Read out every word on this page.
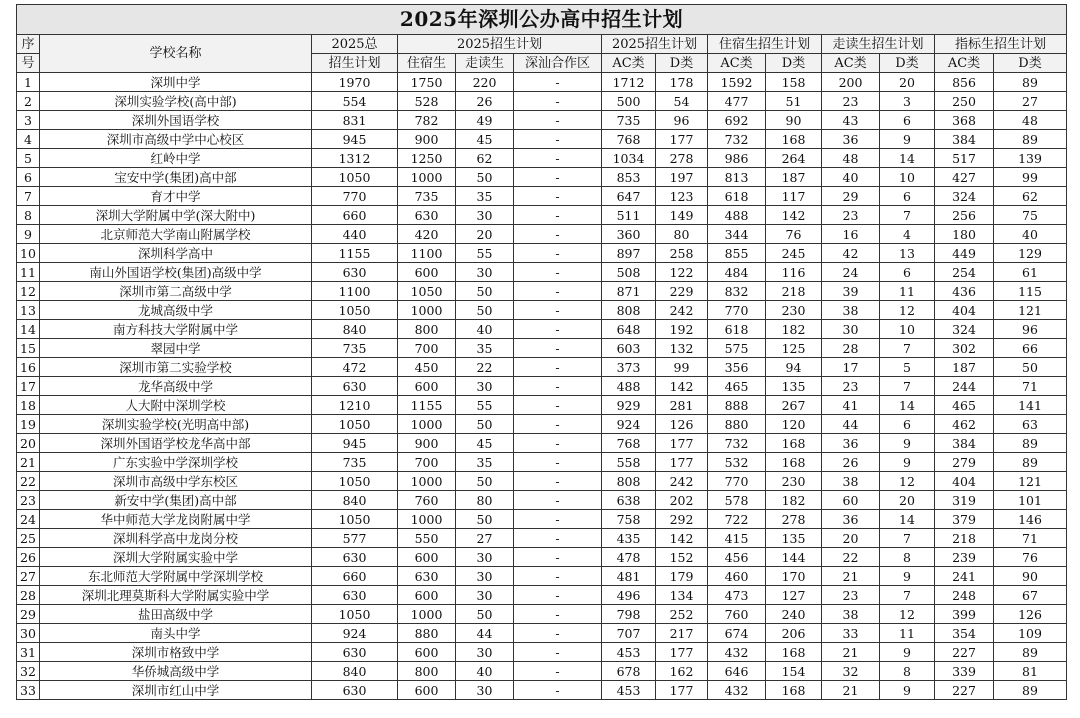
2025年深圳公办高中招生计划													
序	学校名称	2025总	2025招生计划			2025招生计划		住宿生招生计划		走读生招生计划		指标生招生计划	
号		招生计划	住宿生	走读生	深汕合作区	AC类	D类	AC类	D类	AC类	D类	AC类	D类
1	深圳中学	1970	1750	220	-	1712	178	1592	158	200	20	856	89
2	深圳实验学校(高中部)	554	528	26	-	500	54	477	51	23	3	250	27
3	深圳外国语学校	831	782	49	-	735	96	692	90	43	6	368	48
4	深圳市高级中学中心校区	945	900	45	-	768	177	732	168	36	9	384	89
5	红岭中学	1312	1250	62	-	1034	278	986	264	48	14	517	139
6	宝安中学(集团)高中部	1050	1000	50	-	853	197	813	187	40	10	427	99
7	育才中学	770	735	35	-	647	123	618	117	29	6	324	62
8	深圳大学附属中学(深大附中)	660	630	30	-	511	149	488	142	23	7	256	75
9	北京师范大学南山附属学校	440	420	20	-	360	80	344	76	16	4	180	40
10	深圳科学高中	1155	1100	55	-	897	258	855	245	42	13	449	129
11	南山外国语学校(集团)高级中学	630	600	30	-	508	122	484	116	24	6	254	61
12	深圳市第二高级中学	1100	1050	50	-	871	229	832	218	39	11	436	115
13	龙城高级中学	1050	1000	50	-	808	242	770	230	38	12	404	121
14	南方科技大学附属中学	840	800	40	-	648	192	618	182	30	10	324	96
15	翠园中学	735	700	35	-	603	132	575	125	28	7	302	66
16	深圳市第二实验学校	472	450	22	-	373	99	356	94	17	5	187	50
17	龙华高级中学	630	600	30	-	488	142	465	135	23	7	244	71
18	人大附中深圳学校	1210	1155	55	-	929	281	888	267	41	14	465	141
19	深圳实验学校(光明高中部)	1050	1000	50	-	924	126	880	120	44	6	462	63
20	深圳外国语学校龙华高中部	945	900	45	-	768	177	732	168	36	9	384	89
21	广东实验中学深圳学校	735	700	35	-	558	177	532	168	26	9	279	89
22	深圳市高级中学东校区	1050	1000	50	-	808	242	770	230	38	12	404	121
23	新安中学(集团)高中部	840	760	80	-	638	202	578	182	60	20	319	101
24	华中师范大学龙岗附属中学	1050	1000	50	-	758	292	722	278	36	14	379	146
25	深圳科学高中龙岗分校	577	550	27	-	435	142	415	135	20	7	218	71
26	深圳大学附属实验中学	630	600	30	-	478	152	456	144	22	8	239	76
27	东北师范大学附属中学深圳学校	660	630	30	-	481	179	460	170	21	9	241	90
28	深圳北理莫斯科大学附属实验中学	630	600	30	-	496	134	473	127	23	7	248	67
29	盐田高级中学	1050	1000	50	-	798	252	760	240	38	12	399	126
30	南头中学	924	880	44	-	707	217	674	206	33	11	354	109
31	深圳市格致中学	630	600	30	-	453	177	432	168	21	9	227	89
32	华侨城高级中学	840	800	40	-	678	162	646	154	32	8	339	81
33	深圳市红山中学	630	600	30	-	453	177	432	168	21	9	227	89
